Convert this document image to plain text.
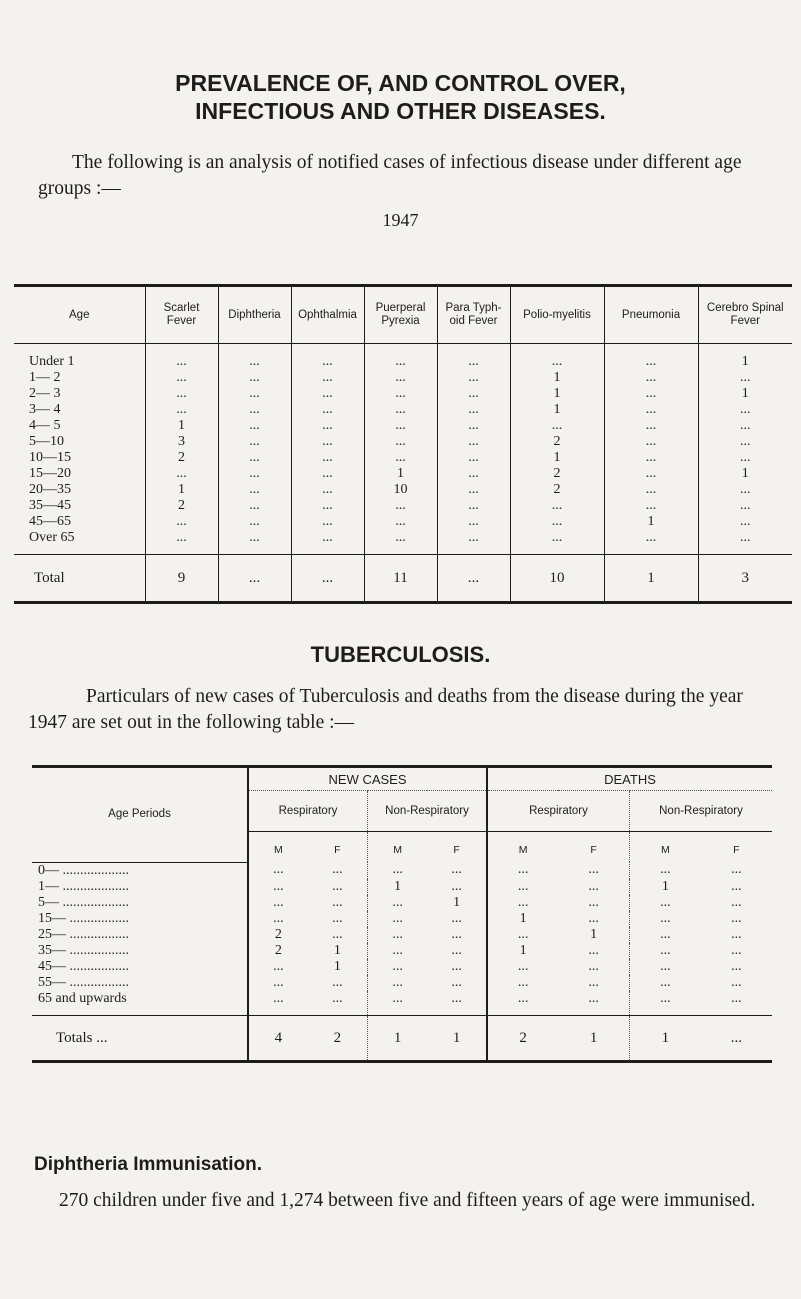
PREVALENCE OF, AND CONTROL OVER,
INFECTIOUS AND OTHER DISEASES.
The following is an analysis of notified cases of infectious disease under different age groups :—
1947
Age	Scarlet Fever	Diphtheria	Ophthalmia	Puerperal Pyrexia	Para Typh-oid Fever	Polio-myelitis	Pneumonia	Cerebro Spinal Fever
Under 1	...	...	...	...	...	...	...	1
1— 2	...	...	...	...	...	1	...	...
2— 3	...	...	...	...	...	1	...	1
3— 4	...	...	...	...	...	1	...	...
4— 5	1	...	...	...	...	...	...	...
5—10	3	...	...	...	...	2	...	...
10—15	2	...	...	...	...	1	...	...
15—20	...	...	...	1	...	2	...	1
20—35	1	...	...	10	...	2	...	...
35—45	2	...	...	...	...	...	...	...
45—65	...	...	...	...	...	...	1	...
Over 65	...	...	...	...	...	...	...	...
Total	9	...	...	11	...	10	1	3
TUBERCULOSIS.
Particulars of new cases of Tuberculosis and deaths from the disease during the year 1947 are set out in the following table :—
Age Periods	NEW CASES				DEATHS			
	Respiratory		Non-Respiratory		Respiratory		Non-Respiratory	
	M	F	M	F	M	F	M	F
0— ...................	...	...	...	...	...	...	...	...
1— ...................	...	...	1	...	...	...	1	...
5— ...................	...	...	...	1	...	...	...	...
15— .................	...	...	...	...	1	...	...	...
25— .................	2	...	...	...	...	1	...	...
35— .................	2	1	...	...	1	...	...	...
45— .................	...	1	...	...	...	...	...	...
55— .................	...	...	...	...	...	...	...	...
65 and upwards	...	...	...	...	...	...	...	...
Totals ...	4	2	1	1	2	1	1	...
Diphtheria Immunisation.
270 children under five and 1,274 between five and fifteen years of age were immunised.
